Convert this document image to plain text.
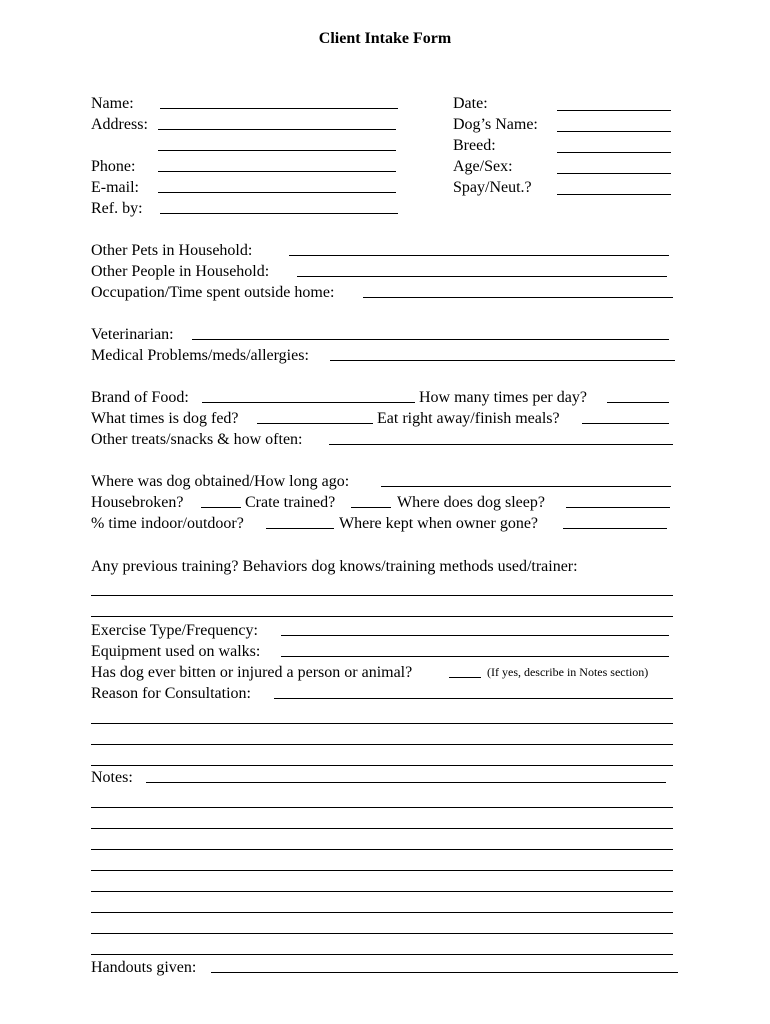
Client Intake Form
Name:
Address:
Phone:
E-mail:
Ref. by:
Date:
Dog’s Name:
Breed:
Age/Sex:
Spay/Neut.?
Other Pets in Household:
Other People in Household:
Occupation/Time spent outside home:
Veterinarian:
Medical Problems/meds/allergies:
Brand of Food:	How many times per day?
What times is dog fed?	Eat right away/finish meals?
Other treats/snacks & how often:
Where was dog obtained/How long ago:
Housebroken?	Crate trained?	Where does dog sleep?
% time indoor/outdoor?	Where kept when owner gone?
Any previous training? Behaviors dog knows/training methods used/trainer:
Exercise Type/Frequency:
Equipment used on walks:
Has dog ever bitten or injured a person or animal?	(If yes, describe in Notes section)
Reason for Consultation:
Notes:
Handouts given:
